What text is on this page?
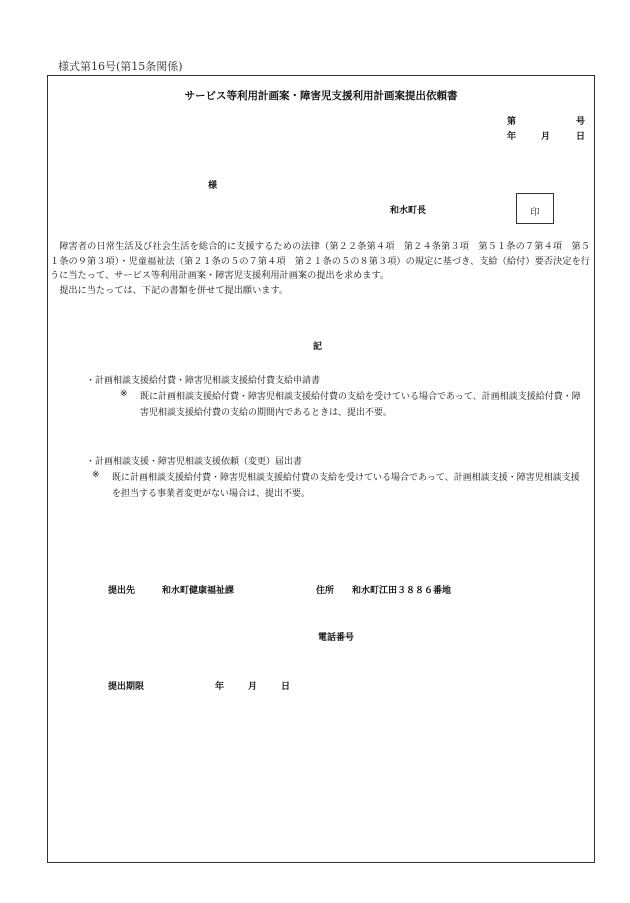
様式第16号(第15条関係)
サービス等利用計画案・障害児支援利用計画案提出依頼書
第	号
年	月	日
様
和水町長	印

障害者の日常生活及び社会生活を総合的に支援するための法律（第２２条第４項　第２４条第３項　第５１条の７第４項　第５１条の９第３項）・児童福祉法（第２１条の５の７第４項　第２１条の５の８第３項）の規定に基づき、支給（給付）要否決定を行うに当たって、サービス等利用計画案・障害児支援利用計画案の提出を求めます。

提出に当たっては、下記の書類を併せて提出願います。

記
・計画相談支援給付費・障害児相談支援給付費支給申請書
※ 既に計画相談支援給付費・障害児相談支援給付費の支給を受けている場合であって、計画相談支援給付費・障害児相談支援給付費の支給の期間内であるときは、提出不要。
・計画相談支援・障害児相談支援依頼（変更）届出書
※ 既に計画相談支援給付費・障害児相談支援給付費の支給を受けている場合であって、計画相談支援・障害児相談支援を担当する事業者変更がない場合は、提出不要。
提出先	和水町健康福祉課	住所 和水町江田３８８６番地
電話番号
提出期限	年	月	日
